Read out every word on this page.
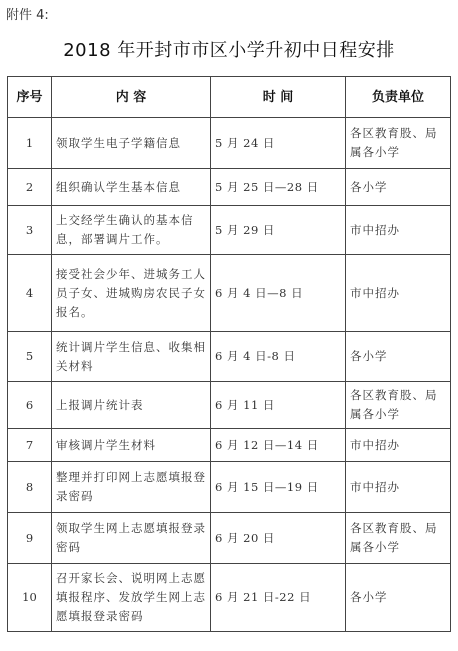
附件 4:
2018 年开封市市区小学升初中日程安排
序号	内 容	时 间	负责单位
1	领取学生电子学籍信息	5 月 24 日	各区教育股、局属各小学
2	组织确认学生基本信息	5 月 25 日—28 日	各小学
3	上交经学生确认的基本信息，部署调片工作。	5 月 29 日	市中招办
4	接受社会少年、进城务工人员子女、进城购房农民子女报名。	6 月 4 日—8 日	市中招办
5	统计调片学生信息、收集相关材料	6 月 4 日-8 日	各小学
6	上报调片统计表	6 月 11 日	各区教育股、局属各小学
7	审核调片学生材料	6 月 12 日—14 日	市中招办
8	整理并打印网上志愿填报登录密码	6 月 15 日—19 日	市中招办
9	领取学生网上志愿填报登录密码	6 月 20 日	各区教育股、局属各小学
10	召开家长会、说明网上志愿填报程序、发放学生网上志愿填报登录密码	6 月 21 日-22 日	各小学
